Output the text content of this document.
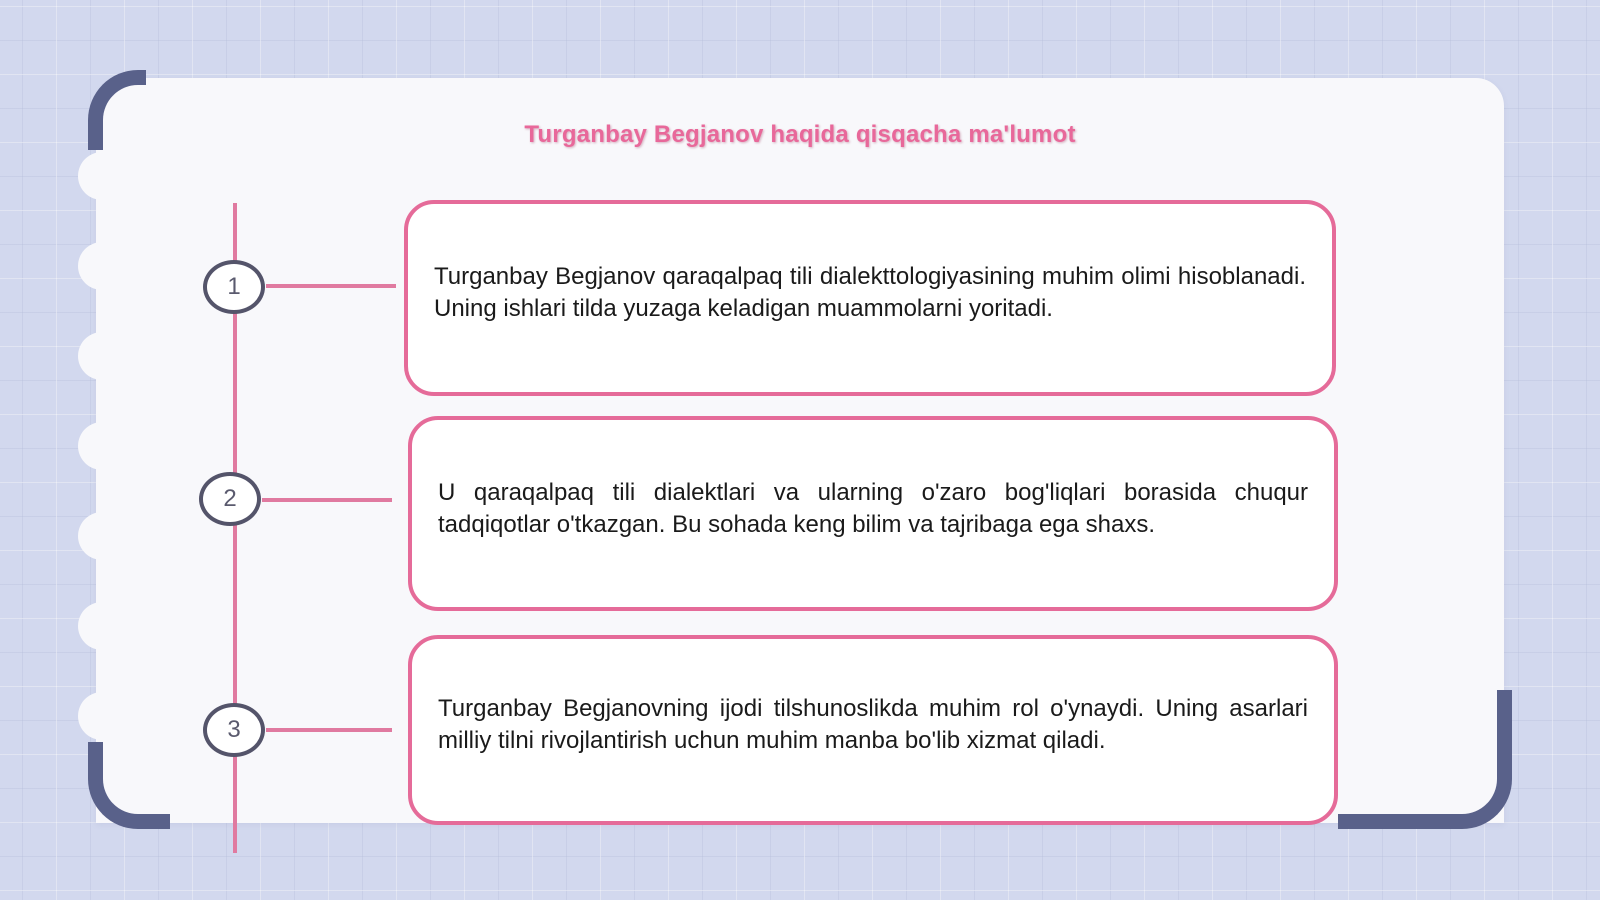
Turganbay Begjanov haqida qisqacha ma'lumot
1	Turganbay Begjanov qaraqalpaq tili dialekttologiyasining muhim olimi hisoblanadi. Uning ishlari tilda yuzaga keladigan muammolarni yoritadi.

2	U qaraqalpaq tili dialektlari va ularning o'zaro bog'liqlari borasida chuqur tadqiqotlar o'tkazgan. Bu sohada keng bilim va tajribaga ega shaxs.

3

Turganbay Begjanovning ijodi tilshunoslikda muhim rol o'ynaydi. Uning asarlari milliy tilni rivojlantirish uchun muhim manba bo'lib xizmat qiladi.
